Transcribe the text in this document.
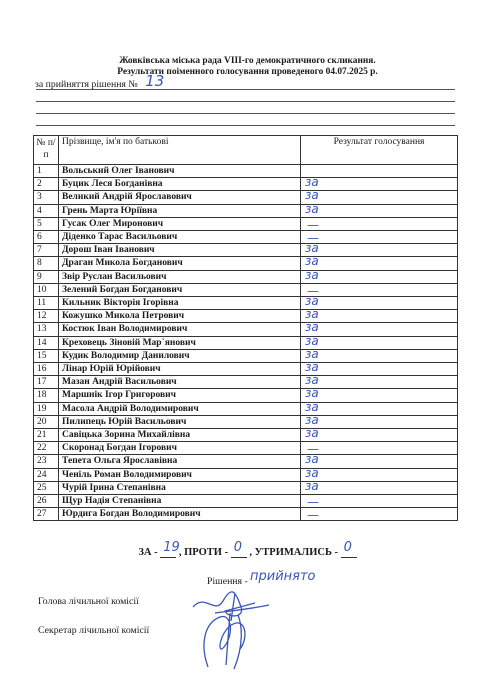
Жовківська міська рада VIII-го демократичного скликання.
Результати поіменного голосування проведеного 04.07.2025 р.
за прийняття рішення № 13
№ п/п	Прізвище, ім'я по батькові	Результат голосування
1	Вольський Олег Іванович	

2	Буцик Леся Богданівна	за

3	Великий Андрій Ярославович	за

4	Грень Марта Юріївна	за

5	Гусак Олег Миронович	—

6	Діденко Тарас Васильович	—

7	Дорош Іван Іванович	за

8	Драган Микола Богданович	за

9	Звір Руслан Васильович	за

10	Зелений Богдан Богданович	—

11	Кильник Вікторія Ігорівна	за

12	Кожушко Микола Петрович	за

13	Костюк Іван Володимирович	за

14	Креховець Зіновій Мар`янович	за

15	Кудик Володимир Данилович	за

16	Лінар Юрій Юрійович	за

17	Мазан Андрій Васильович	за

18	Маршнік Ігор Григорович	за

19	Масола Андрій Володимирович	за

20	Пилипець Юрій Васильович	за

21	Савіцька Зорина Михайлівна	за

22	Скоронад Богдан Ігорович	—

23	Тепета Ольга Ярославівна	за

24	Ченіль Роман Володимирович	за

25	Чурій Ірина Степанівна	за

26	Щур Надія Степанівна	—

27	Юрдига Богдан Володимирович	—
ЗА - 19 , ПРОТИ - 0 , УТРИМАЛИСЬ - 0
Рішення - прийнято
Голова лічильної комісії
Секретар лічильної комісії
